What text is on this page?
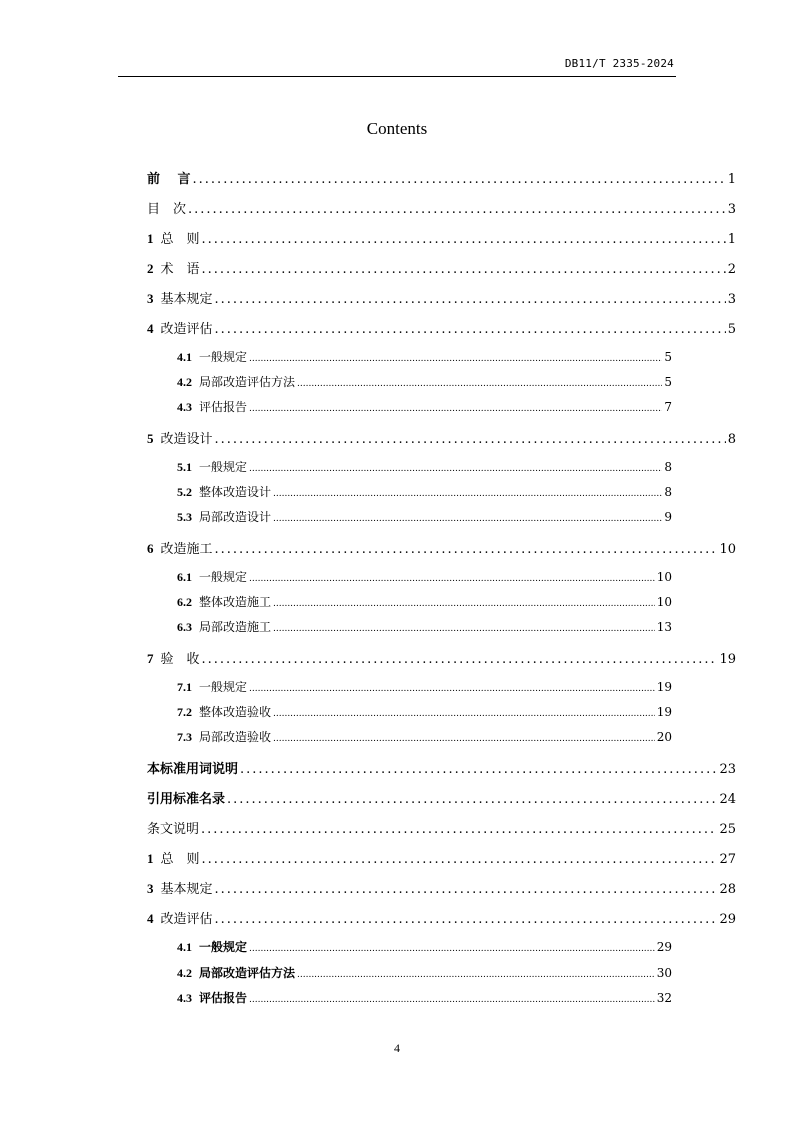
DB11/T 2335-2024
Contents
前　 言 .....	1
目　次 .....	3
1 总　则 .....	1
2 术　语 .....	2
3 基本规定 .....	3
4 改造评估 .....	5
4.1 一般规定 .....	5
4.2 局部改造评估方法 .....	5
4.3 评估报告 .....	7
5 改造设计 .....	8
5.1 一般规定 .....	8
5.2 整体改造设计 .....	8
5.3 局部改造设计 .....	9
6 改造施工 .....	10
6.1 一般规定 .....	10
6.2 整体改造施工 .....	10
6.3 局部改造施工 .....	13
7 验　收 .....	19
7.1 一般规定 .....	19
7.2 整体改造验收 .....	19
7.3 局部改造验收 .....	20
本标准用词说明 .....	23
引用标准名录 .....	24
条文说明 .....	25
1 总　则 .....	27
3 基本规定 .....	28
4 改造评估 .....	29
4.1 一般规定 .....	29
4.2 局部改造评估方法 .....	30
4.3 评估报告 .....	32
4
